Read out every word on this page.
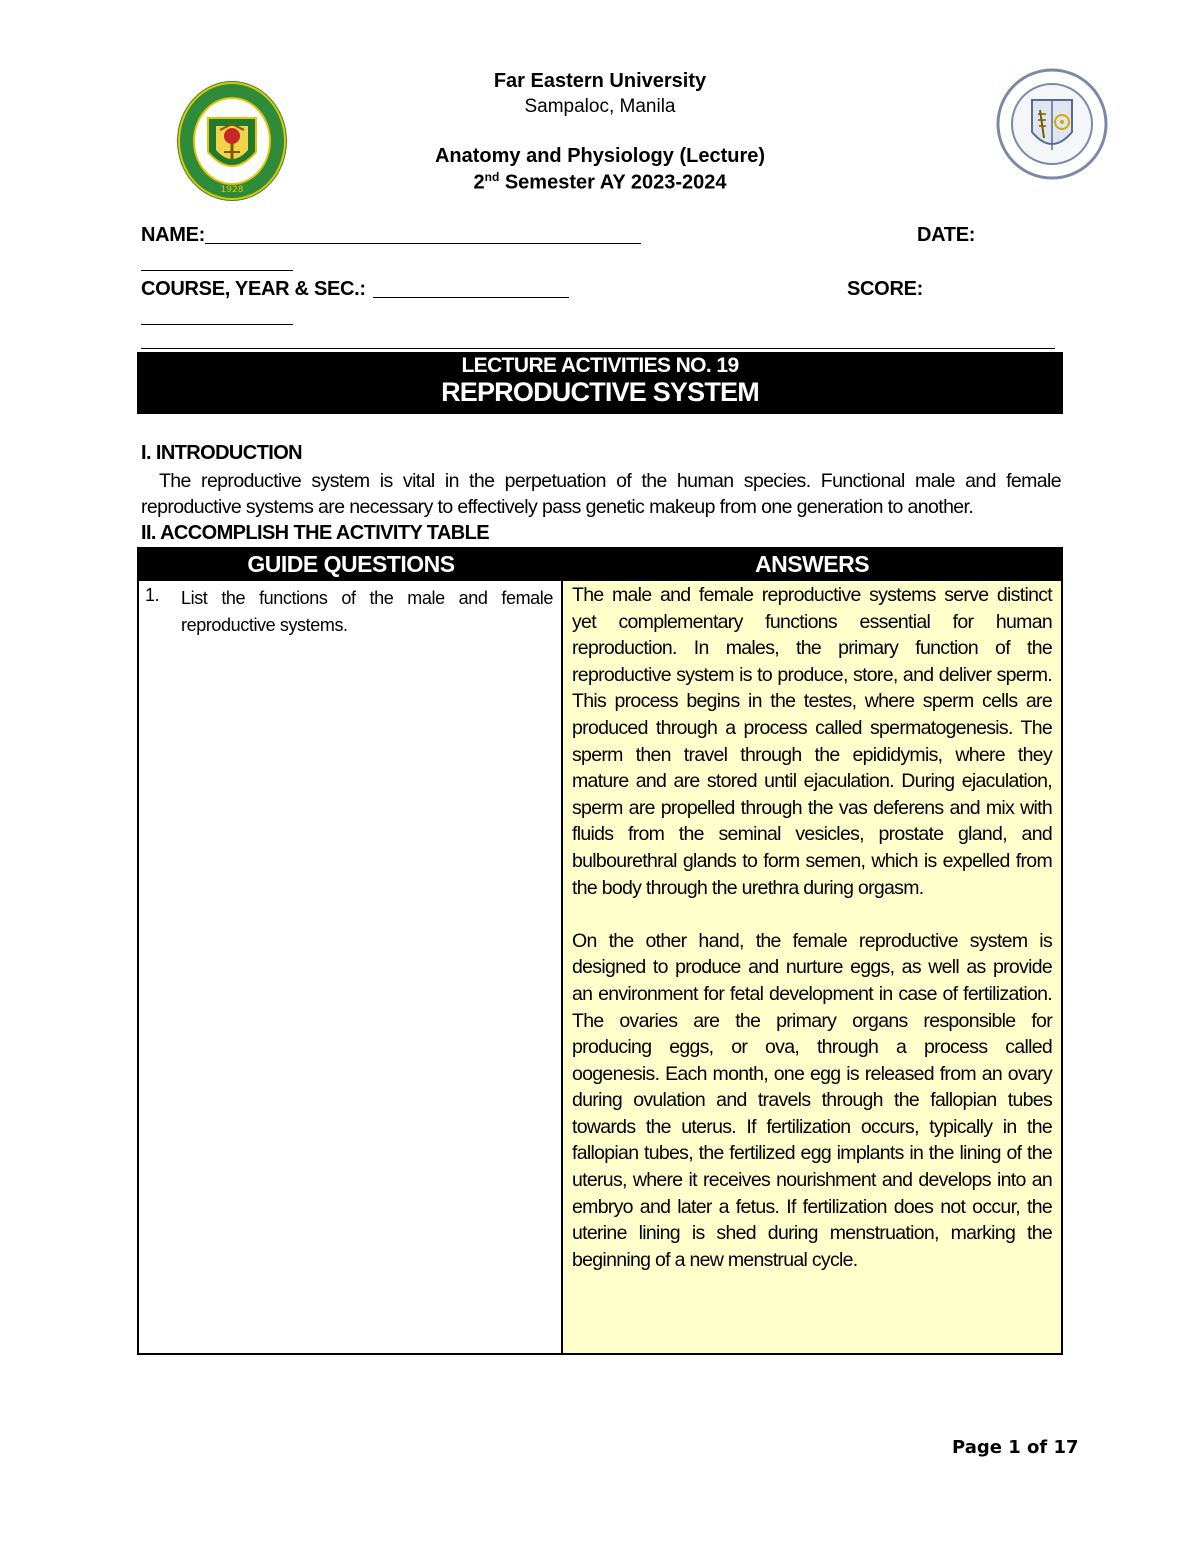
Far Eastern University
Sampaloc, Manila
Anatomy and Physiology (Lecture)
2nd Semester AY 2023-2024
1928
NAME:	DATE:
COURSE, YEAR & SEC.:	SCORE:
LECTURE ACTIVITIES NO. 19
REPRODUCTIVE SYSTEM
I. INTRODUCTION
The reproductive system is vital in the perpetuation of the human species. Functional male and female reproductive systems are necessary to effectively pass genetic makeup from one generation to another.
II. ACCOMPLISH THE ACTIVITY TABLE
GUIDE QUESTIONS	ANSWERS
1. List the functions of the male and female reproductive systems.

The male and female reproductive systems serve distinct yet complementary functions essential for human reproduction. In males, the primary function of the reproductive system is to produce, store, and deliver sperm. This process begins in the testes, where sperm cells are produced through a process called spermatogenesis. The sperm then travel through the epididymis, where they mature and are stored until ejaculation. During ejaculation, sperm are propelled through the vas deferens and mix with fluids from the seminal vesicles, prostate gland, and bulbourethral glands to form semen, which is expelled from the body through the urethra during orgasm.

On the other hand, the female reproductive system is designed to produce and nurture eggs, as well as provide an environment for fetal development in case of fertilization. The ovaries are the primary organs responsible for producing eggs, or ova, through a process called oogenesis. Each month, one egg is released from an ovary during ovulation and travels through the fallopian tubes towards the uterus. If fertilization occurs, typically in the fallopian tubes, the fertilized egg implants in the lining of the uterus, where it receives nourishment and develops into an embryo and later a fetus. If fertilization does not occur, the uterine lining is shed during menstruation, marking the beginning of a new menstrual cycle.

Page 1 of 17
